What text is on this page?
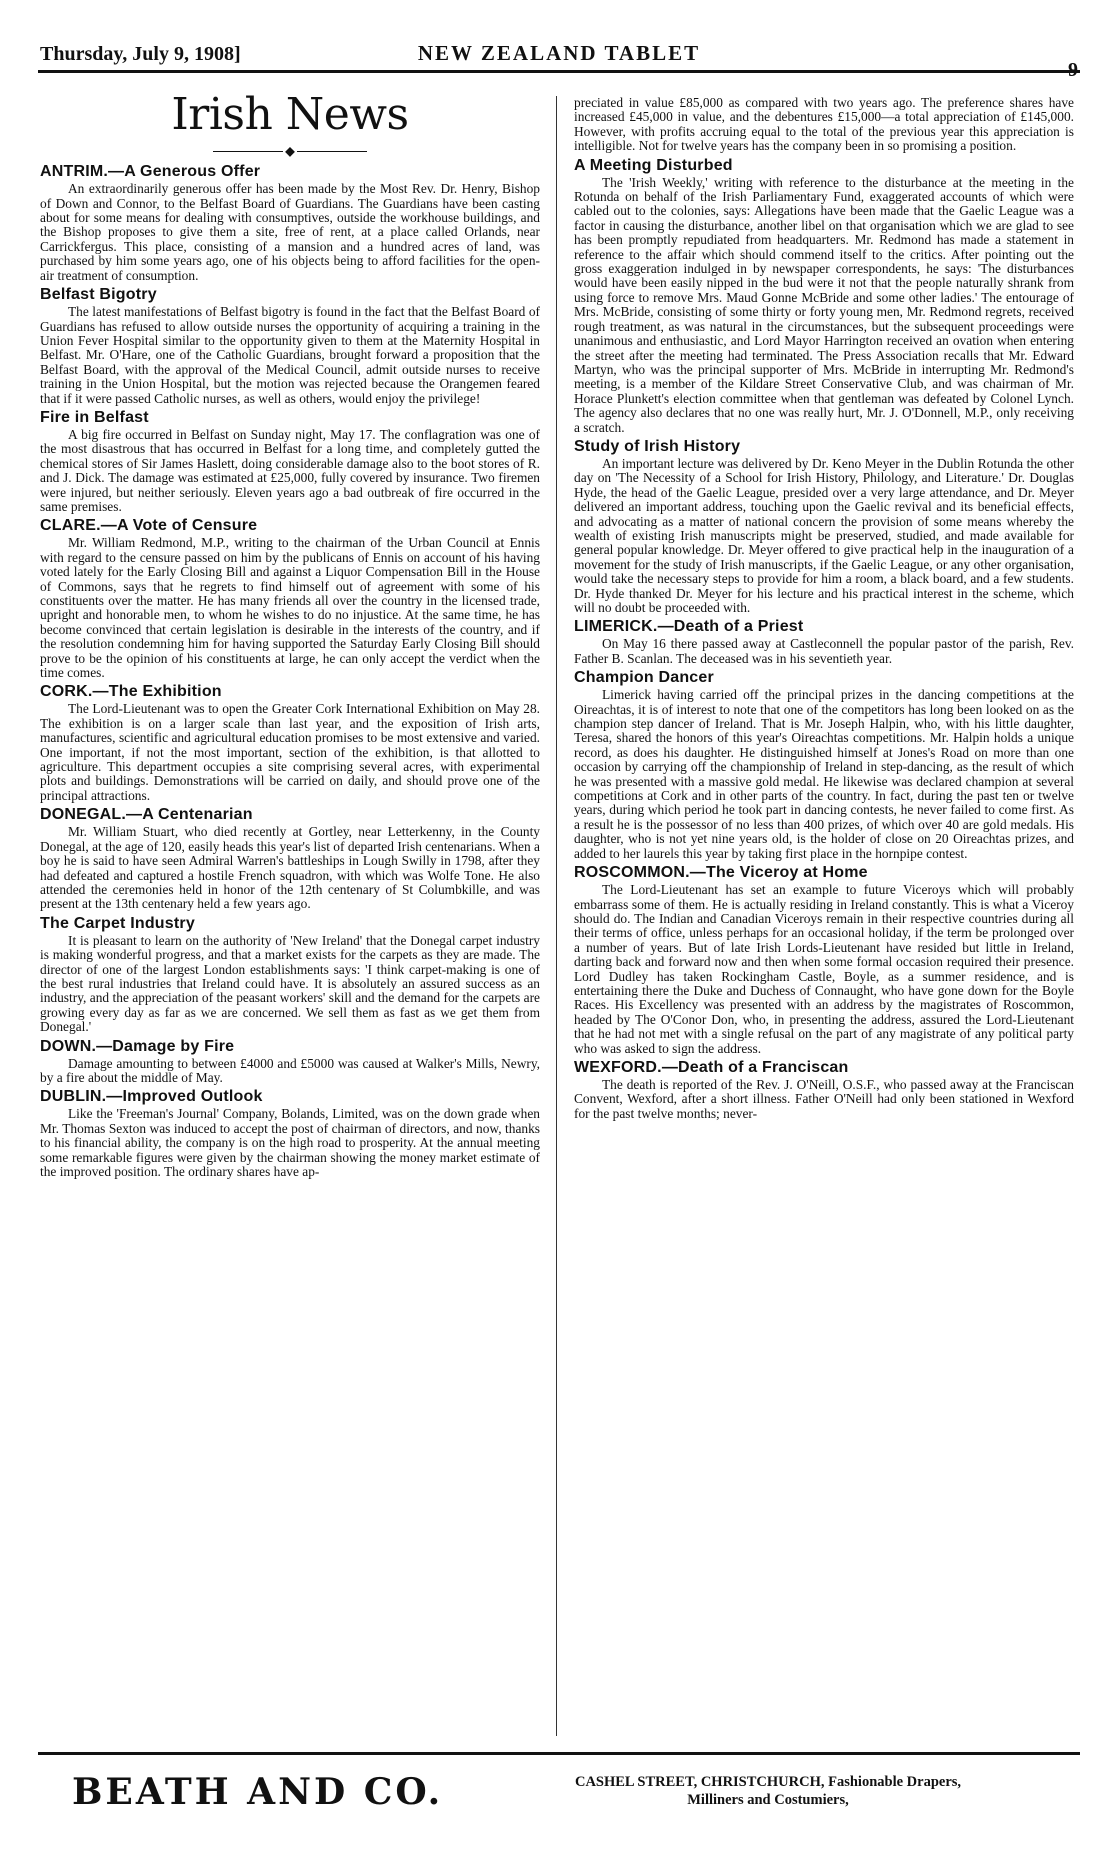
Thursday, July 9, 1908]	NEW ZEALAND TABLET
9
Irish News
◆
ANTRIM.—A Generous Offer

An extraordinarily generous offer has been made by the Most Rev. Dr. Henry, Bishop of Down and Connor, to the Belfast Board of Guardians. The Guardians have been casting about for some means for dealing with consumptives, outside the workhouse buildings, and the Bishop proposes to give them a site, free of rent, at a place called Orlands, near Carrickfergus. This place, consisting of a mansion and a hundred acres of land, was purchased by him some years ago, one of his objects being to afford facilities for the open-air treatment of consumption.

Belfast Bigotry

The latest manifestations of Belfast bigotry is found in the fact that the Belfast Board of Guardians has refused to allow outside nurses the opportunity of acquiring a training in the Union Fever Hospital similar to the opportunity given to them at the Maternity Hospital in Belfast. Mr. O'Hare, one of the Catholic Guardians, brought forward a proposition that the Belfast Board, with the approval of the Medical Council, admit outside nurses to receive training in the Union Hospital, but the motion was rejected because the Orangemen feared that if it were passed Catholic nurses, as well as others, would enjoy the privilege!

Fire in Belfast

A big fire occurred in Belfast on Sunday night, May 17. The conflagration was one of the most disastrous that has occurred in Belfast for a long time, and completely gutted the chemical stores of Sir James Haslett, doing considerable damage also to the boot stores of R. and J. Dick. The damage was estimated at £25,000, fully covered by insurance. Two firemen were injured, but neither seriously. Eleven years ago a bad outbreak of fire occurred in the same premises.

CLARE.—A Vote of Censure

Mr. William Redmond, M.P., writing to the chairman of the Urban Council at Ennis with regard to the censure passed on him by the publicans of Ennis on account of his having voted lately for the Early Closing Bill and against a Liquor Compensation Bill in the House of Commons, says that he regrets to find himself out of agreement with some of his constituents over the matter. He has many friends all over the country in the licensed trade, upright and honorable men, to whom he wishes to do no injustice. At the same time, he has become convinced that certain legislation is desirable in the interests of the country, and if the resolution condemning him for having supported the Saturday Early Closing Bill should prove to be the opinion of his constituents at large, he can only accept the verdict when the time comes.

CORK.—The Exhibition

The Lord-Lieutenant was to open the Greater Cork International Exhibition on May 28. The exhibition is on a larger scale than last year, and the exposition of Irish arts, manufactures, scientific and agricultural education promises to be most extensive and varied. One important, if not the most important, section of the exhibition, is that allotted to agriculture. This department occupies a site comprising several acres, with experimental plots and buildings. Demonstrations will be carried on daily, and should prove one of the principal attractions.

DONEGAL.—A Centenarian

Mr. William Stuart, who died recently at Gortley, near Letterkenny, in the County Donegal, at the age of 120, easily heads this year's list of departed Irish centenarians. When a boy he is said to have seen Admiral Warren's battleships in Lough Swilly in 1798, after they had defeated and captured a hostile French squadron, with which was Wolfe Tone. He also attended the ceremonies held in honor of the 12th centenary of St Columbkille, and was present at the 13th centenary held a few years ago.

The Carpet Industry

It is pleasant to learn on the authority of 'New Ireland' that the Donegal carpet industry is making wonderful progress, and that a market exists for the carpets as they are made. The director of one of the largest London establishments says: 'I think carpet-making is one of the best rural industries that Ireland could have. It is absolutely an assured success as an industry, and the appreciation of the peasant workers' skill and the demand for the carpets are growing every day as far as we are concerned. We sell them as fast as we get them from Donegal.'

DOWN.—Damage by Fire

Damage amounting to between £4000 and £5000 was caused at Walker's Mills, Newry, by a fire about the middle of May.

DUBLIN.—Improved Outlook

Like the 'Freeman's Journal' Company, Bolands, Limited, was on the down grade when Mr. Thomas Sexton was induced to accept the post of chairman of directors, and now, thanks to his financial ability, the company is on the high road to prosperity. At the annual meeting some remarkable figures were given by the chairman showing the money market estimate of the improved position. The ordinary shares have ap-

preciated in value £85,000 as compared with two years ago. The preference shares have increased £45,000 in value, and the debentures £15,000—a total appreciation of £145,000. However, with profits accruing equal to the total of the previous year this appreciation is intelligible. Not for twelve years has the company been in so promising a position.

A Meeting Disturbed

The 'Irish Weekly,' writing with reference to the disturbance at the meeting in the Rotunda on behalf of the Irish Parliamentary Fund, exaggerated accounts of which were cabled out to the colonies, says: Allegations have been made that the Gaelic League was a factor in causing the disturbance, another libel on that organisation which we are glad to see has been promptly repudiated from headquarters. Mr. Redmond has made a statement in reference to the affair which should commend itself to the critics. After pointing out the gross exaggeration indulged in by newspaper correspondents, he says: 'The disturbances would have been easily nipped in the bud were it not that the people naturally shrank from using force to remove Mrs. Maud Gonne McBride and some other ladies.' The entourage of Mrs. McBride, consisting of some thirty or forty young men, Mr. Redmond regrets, received rough treatment, as was natural in the circumstances, but the subsequent proceedings were unanimous and enthusiastic, and Lord Mayor Harrington received an ovation when entering the street after the meeting had terminated. The Press Association recalls that Mr. Edward Martyn, who was the principal supporter of Mrs. McBride in interrupting Mr. Redmond's meeting, is a member of the Kildare Street Conservative Club, and was chairman of Mr. Horace Plunkett's election committee when that gentleman was defeated by Colonel Lynch. The agency also declares that no one was really hurt, Mr. J. O'Donnell, M.P., only receiving a scratch.

Study of Irish History

An important lecture was delivered by Dr. Keno Meyer in the Dublin Rotunda the other day on 'The Necessity of a School for Irish History, Philology, and Literature.' Dr. Douglas Hyde, the head of the Gaelic League, presided over a very large attendance, and Dr. Meyer delivered an important address, touching upon the Gaelic revival and its beneficial effects, and advocating as a matter of national concern the provision of some means whereby the wealth of existing Irish manuscripts might be preserved, studied, and made available for general popular knowledge. Dr. Meyer offered to give practical help in the inauguration of a movement for the study of Irish manuscripts, if the Gaelic League, or any other organisation, would take the necessary steps to provide for him a room, a black board, and a few students. Dr. Hyde thanked Dr. Meyer for his lecture and his practical interest in the scheme, which will no doubt be proceeded with.

LIMERICK.—Death of a Priest

On May 16 there passed away at Castleconnell the popular pastor of the parish, Rev. Father B. Scanlan. The deceased was in his seventieth year.

Champion Dancer

Limerick having carried off the principal prizes in the dancing competitions at the Oireachtas, it is of interest to note that one of the competitors has long been looked on as the champion step dancer of Ireland. That is Mr. Joseph Halpin, who, with his little daughter, Teresa, shared the honors of this year's Oireachtas competitions. Mr. Halpin holds a unique record, as does his daughter. He distinguished himself at Jones's Road on more than one occasion by carrying off the championship of Ireland in step-dancing, as the result of which he was presented with a massive gold medal. He likewise was declared champion at several competitions at Cork and in other parts of the country. In fact, during the past ten or twelve years, during which period he took part in dancing contests, he never failed to come first. As a result he is the possessor of no less than 400 prizes, of which over 40 are gold medals. His daughter, who is not yet nine years old, is the holder of close on 20 Oireachtas prizes, and added to her laurels this year by taking first place in the hornpipe contest.

ROSCOMMON.—The Viceroy at Home

The Lord-Lieutenant has set an example to future Viceroys which will probably embarrass some of them. He is actually residing in Ireland constantly. This is what a Viceroy should do. The Indian and Canadian Viceroys remain in their respective countries during all their terms of office, unless perhaps for an occasional holiday, if the term be prolonged over a number of years. But of late Irish Lords-Lieutenant have resided but little in Ireland, darting back and forward now and then when some formal occasion required their presence. Lord Dudley has taken Rockingham Castle, Boyle, as a summer residence, and is entertaining there the Duke and Duchess of Connaught, who have gone down for the Boyle Races. His Excellency was presented with an address by the magistrates of Roscommon, headed by The O'Conor Don, who, in presenting the address, assured the Lord-Lieutenant that he had not met with a single refusal on the part of any magistrate of any political party who was asked to sign the address.

WEXFORD.—Death of a Franciscan

The death is reported of the Rev. J. O'Neill, O.S.F., who passed away at the Franciscan Convent, Wexford, after a short illness. Father O'Neill had only been stationed in Wexford for the past twelve months; never-

BEATH AND CO.	CASHEL STREET, CHRISTCHURCH, Fashionable Drapers,
Milliners and Costumiers,
